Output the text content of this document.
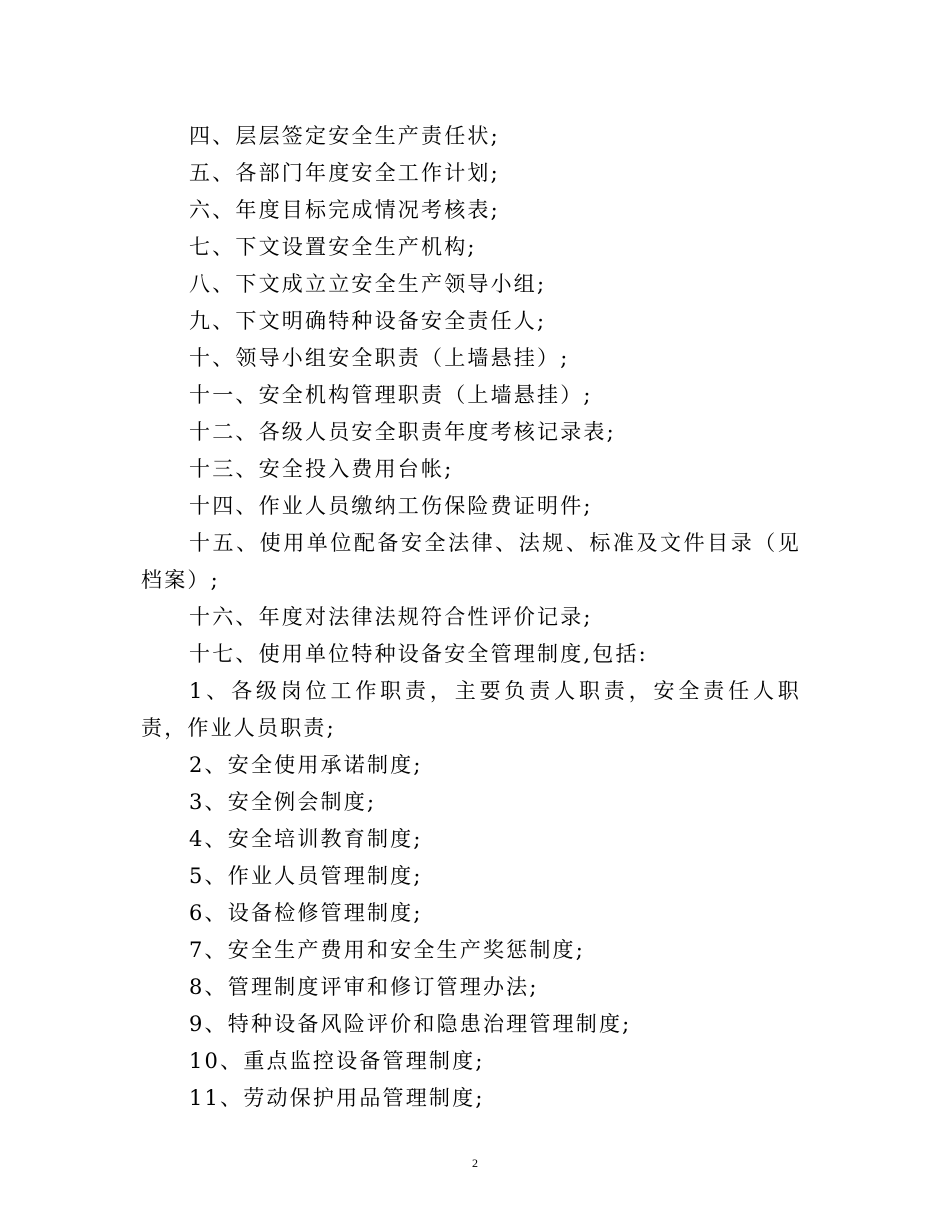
四、层层签定安全生产责任状;

五、各部门年度安全工作计划;

六、年度目标完成情况考核表;

七、下文设置安全生产机构;

八、下文成立立安全生产领导小组;

九、下文明确特种设备安全责任人;

十、领导小组安全职责（上墙悬挂）;

十一、安全机构管理职责（上墙悬挂）;

十二、各级人员安全职责年度考核记录表;

十三、安全投入费用台帐;

十四、作业人员缴纳工伤保险费证明件;

十五、使用单位配备安全法律、法规、标准及文件目录（见档案）;

十六、年度对法律法规符合性评价记录;

十七、使用单位特种设备安全管理制度,包括:

1、各级岗位工作职责，主要负责人职责，安全责任人职责，作业人员职责;

2、安全使用承诺制度;

3、安全例会制度;

4、安全培训教育制度;

5、作业人员管理制度;

6、设备检修管理制度;

7、安全生产费用和安全生产奖惩制度;

8、管理制度评审和修订管理办法;

9、特种设备风险评价和隐患治理管理制度;

10、重点监控设备管理制度;

11、劳动保护用品管理制度;

2
